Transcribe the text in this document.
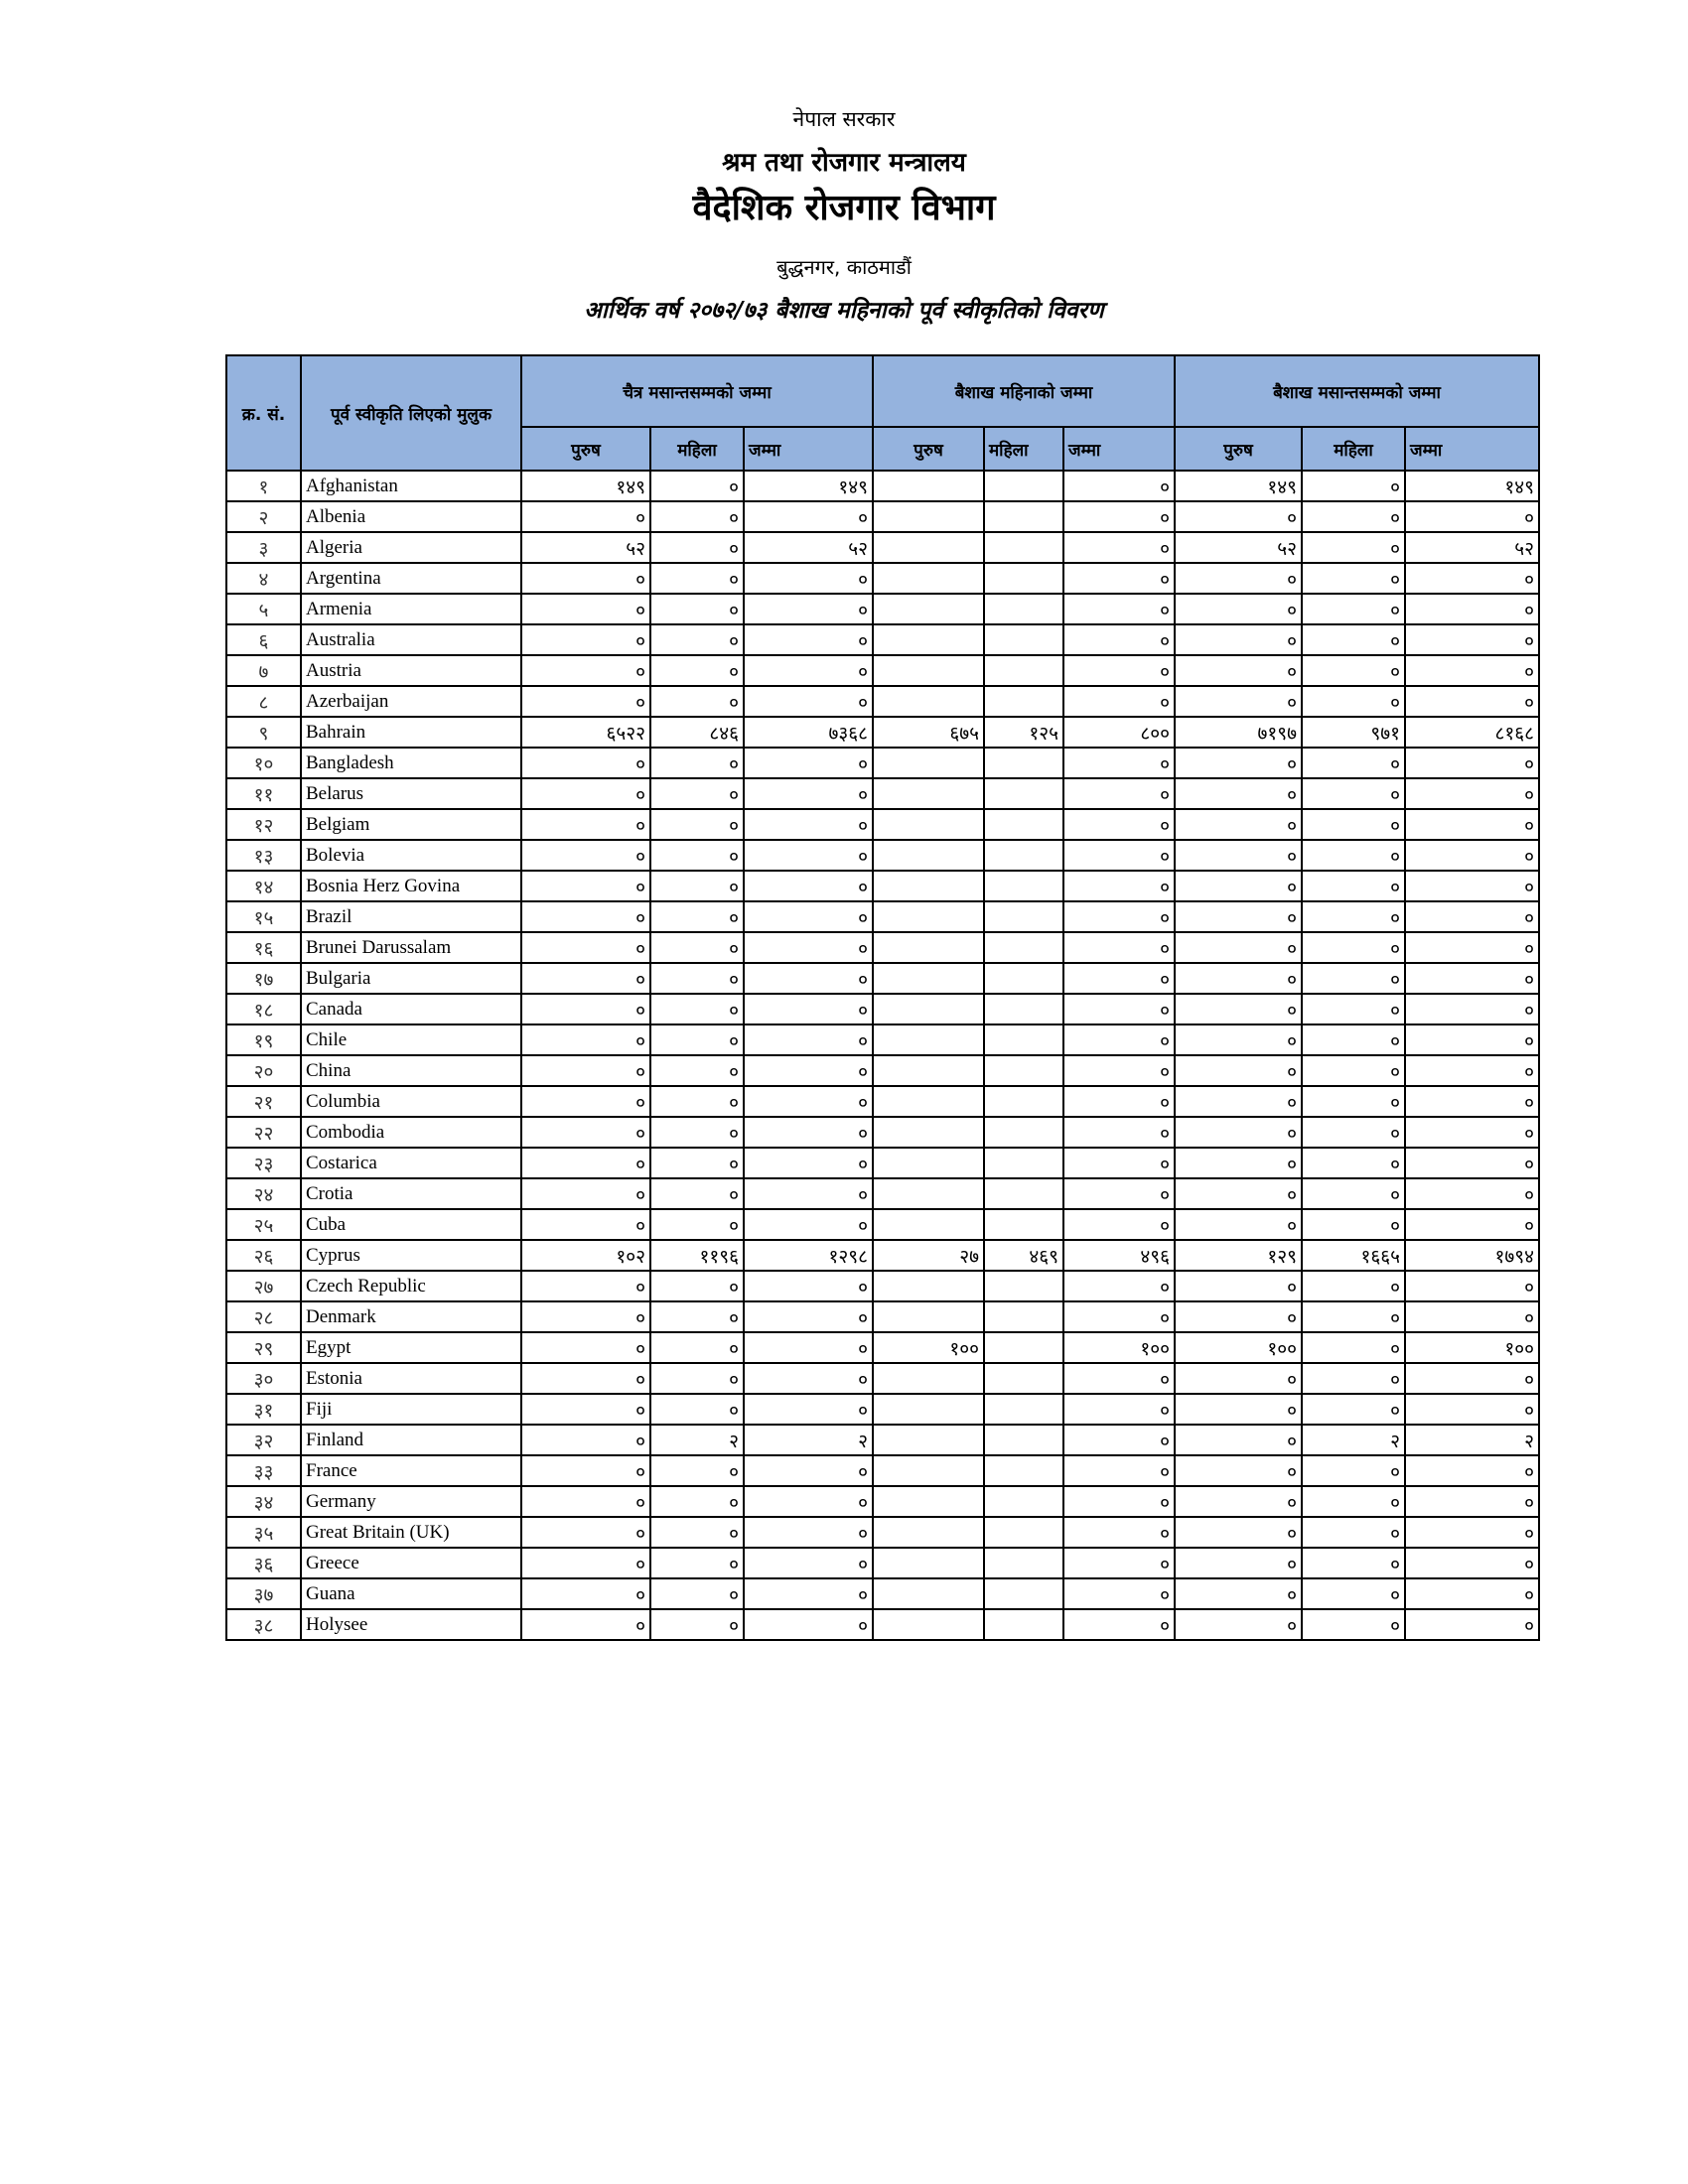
नेपाल सरकार
श्रम तथा रोजगार मन्त्रालय
वैदेशिक रोजगार विभाग
बुद्धनगर, काठमाडौं
आर्थिक वर्ष २०७२/७३ बैशाख महिनाको पूर्व स्वीकृतिको विवरण
क्र. सं.	पूर्व स्वीकृति लिएको मुलुक	चैत्र मसान्तसम्मको जम्मा			बैशाख महिनाको जम्मा			बैशाख मसान्तसम्मको जम्मा		
		पुरुष	महिला	जम्मा	पुरुष	महिला	जम्मा	पुरुष	महिला	जम्मा
१	Afghanistan	१४९	०	१४९			०	१४९	०	१४९
२	Albenia	०	०	०			०	०	०	०
३	Algeria	५२	०	५२			०	५२	०	५२
४	Argentina	०	०	०			०	०	०	०
५	Armenia	०	०	०			०	०	०	०
६	Australia	०	०	०			०	०	०	०
७	Austria	०	०	०			०	०	०	०
८	Azerbaijan	०	०	०			०	०	०	०
९	Bahrain	६५२२	८४६	७३६८	६७५	१२५	८००	७१९७	९७१	८१६८
१०	Bangladesh	०	०	०			०	०	०	०
११	Belarus	०	०	०			०	०	०	०
१२	Belgiam	०	०	०			०	०	०	०
१३	Bolevia	०	०	०			०	०	०	०
१४	Bosnia Herz Govina	०	०	०			०	०	०	०
१५	Brazil	०	०	०			०	०	०	०
१६	Brunei Darussalam	०	०	०			०	०	०	०
१७	Bulgaria	०	०	०			०	०	०	०
१८	Canada	०	०	०			०	०	०	०
१९	Chile	०	०	०			०	०	०	०
२०	China	०	०	०			०	०	०	०
२१	Columbia	०	०	०			०	०	०	०
२२	Combodia	०	०	०			०	०	०	०
२३	Costarica	०	०	०			०	०	०	०
२४	Crotia	०	०	०			०	०	०	०
२५	Cuba	०	०	०			०	०	०	०
२६	Cyprus	१०२	११९६	१२९८	२७	४६९	४९६	१२९	१६६५	१७९४
२७	Czech Republic	०	०	०			०	०	०	०
२८	Denmark	०	०	०			०	०	०	०
२९	Egypt	०	०	०	१००		१००	१००	०	१००
३०	Estonia	०	०	०			०	०	०	०
३१	Fiji	०	०	०			०	०	०	०
३२	Finland	०	२	२			०	०	२	२
३३	France	०	०	०			०	०	०	०
३४	Germany	०	०	०			०	०	०	०
३५	Great Britain (UK)	०	०	०			०	०	०	०
३६	Greece	०	०	०			०	०	०	०
३७	Guana	०	०	०			०	०	०	०
३८	Holysee	०	०	०			०	०	०	०
